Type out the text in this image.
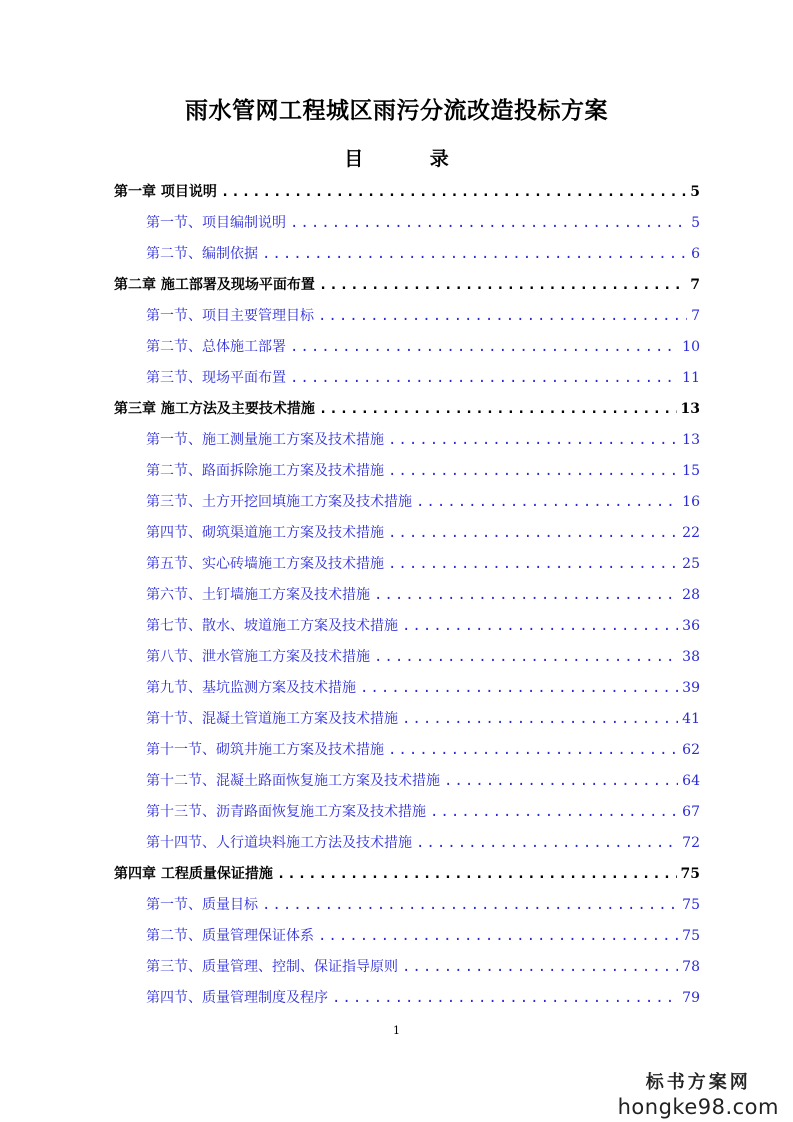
雨水管网工程城区雨污分流改造投标方案
目 录
第一章 项目说明 .....	5
第一节、项目编制说明 .....	5
第二节、编制依据 .....	6
第二章 施工部署及现场平面布置 .....	7
第一节、项目主要管理目标 .....	7
第二节、总体施工部署 .....	10
第三节、现场平面布置 .....	11
第三章 施工方法及主要技术措施 .....	13
第一节、施工测量施工方案及技术措施 .....	13
第二节、路面拆除施工方案及技术措施 .....	15
第三节、土方开挖回填施工方案及技术措施 .....	16
第四节、砌筑渠道施工方案及技术措施 .....	22
第五节、实心砖墙施工方案及技术措施 .....	25
第六节、土钉墙施工方案及技术措施 .....	28
第七节、散水、坡道施工方案及技术措施 .....	36
第八节、泄水管施工方案及技术措施 .....	38
第九节、基坑监测方案及技术措施 .....	39
第十节、混凝土管道施工方案及技术措施 .....	41
第十一节、砌筑井施工方案及技术措施 .....	62
第十二节、混凝土路面恢复施工方案及技术措施 .....	64
第十三节、沥青路面恢复施工方案及技术措施 .....	67
第十四节、人行道块料施工方法及技术措施 .....	72
第四章 工程质量保证措施 .....	75
第一节、质量目标 .....	75
第二节、质量管理保证体系 .....	75
第三节、质量管理、控制、保证指导原则 .....	78
第四节、质量管理制度及程序 .....	79
1
标书方案网
hongke98.com
